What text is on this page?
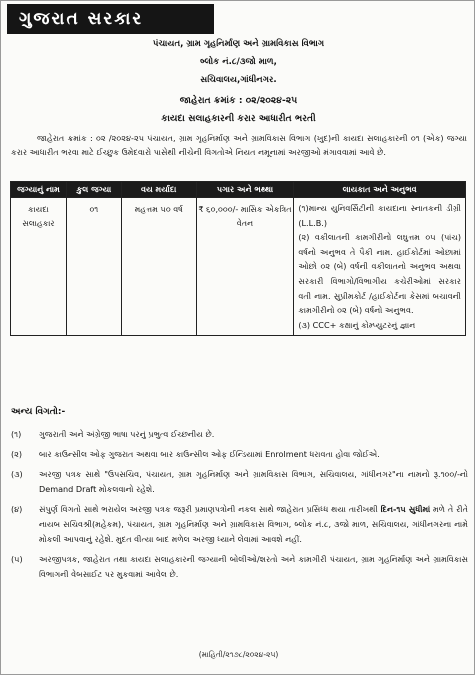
ગુજરાત સરકાર
પંચાયત, ગ્રામ ગૃહનિર્માણ અને ગ્રામવિકાસ વિભાગ
બ્લોક નં.૮/૩જો માળ,
સચિવાલય,ગાંધીનગર.
જાહેરાત ક્રમાંક : ૦૨/૨૦૨૪-૨૫
કાયદા સલાહકારની કરાર આધારીત ભરતી
જાહેરાત ક્રમાંક : ૦૨ /૨૦૨૪-૨૫ પંચાયત, ગ્રામ ગૃહનિર્માણ અને ગ્રામવિકાસ વિભાગ (ખુદ)ની કાયદા સલાહકારની ૦૧ (એક) જગ્યા કરાર આધારીત ભરવા માટે ઈચ્છુક ઉમેદવારો પાસેથી નીચેની વિગતોએ નિયત નમૂનામાં અરજીઓ મંગાવવામાં આવે છે.
જગ્યાનું નામ	કુલ જગ્યા	વય મર્યાદા	પગાર અને ભથ્થા	લાયકાત અને અનુભવ
કાયદા સલાહકાર	૦૧	મહત્તમ ૫૦ વર્ષ	₹ ૬૦,૦૦૦/- માસિક એકત્રિત વેતન	(૧)માન્ય યુનિવર્સિટીની કાયદાના સ્નાતકની ડીગ્રી (L.L.B.)
(૨) વકીલાતની કામગીરીનો લઘુત્તમ ૦૫ (પાંચ) વર્ષનો અનુભવ તે પૈકી નામ. હાઈકોર્ટમાં ઓછામાં ઓછો ૦૨ (બે) વર્ષની વકીલાતનો અનુભવ અથવા સરકારી વિભાગો/વિભાગીય કચેરીઓમાં સરકાર વતી નામ. સુપ્રીમકોર્ટ /હાઈકોર્ટના કેસમાં બચાવની કામગીરીનો ૦૨ (બે) વર્ષનો અનુભવ.
(૩) CCC+ કક્ષાનું કોમ્પ્યુટરનું જ્ઞાન
અન્ય વિગતો:-
(૧)	ગુજરાતી અને અંગ્રેજી ભાષા પરનું પ્રભુત્વ ઈચ્છનીય છે.
(૨)	બાર કાઉન્સીલ ઓફ ગુજરાત અથવા બાર કાઉન્સીલ ઓફ ઈન્ડિયામાં Enrolment ધરાવતા હોવા જોઈએ.
(૩)	અરજી પત્રક સાથે "ઉપસચિવ, પંચાયત, ગ્રામ ગૃહનિર્માણ અને ગ્રામવિકાસ વિભાગ, સચિવાલય, ગાંધીનગર"ના નામનો રૂ.૧૦૦/-નો Demand Draft મોકલવાનો રહેશે.
(૪)	સંપુર્ણ વિગતો સાથે ભરાયેલ અરજી પત્રક જરૂરી પ્રમાણપત્રોની નકલ સાથે જાહેરાત પ્રસિધ્ધ થયા તારીખથી દિન-૧૫ સુધીમાં મળે તે રીતે નાયબ સચિવશ્રી(મહેકમ), પંચાયત, ગ્રામ ગૃહનિર્માણ અને ગ્રામવિકાસ વિભાગ, બ્લોક નં.૮, ૩જો માળ, સચિવાલય, ગાંધીનગરના નામે મોકલી આપવાનું રહેશે. મુદત વીત્યા બાદ મળેલ અરજી ધ્યાને લેવામાં આવશે નહીં.
(૫)	અરજીપત્રક, જાહેરાત તથા કાયદા સલાહકારની જગ્યાની બોલીઓ/શરતો અને કામગીરી પંચાયત, ગ્રામ ગૃહનિર્માણ અને ગ્રામવિકાસ વિભાગની વેબસાઈટ પર મુકવામાં આવેલ છે.
(માહિતી/૨૧૭૮/૨૦૨૪-૨૫)
